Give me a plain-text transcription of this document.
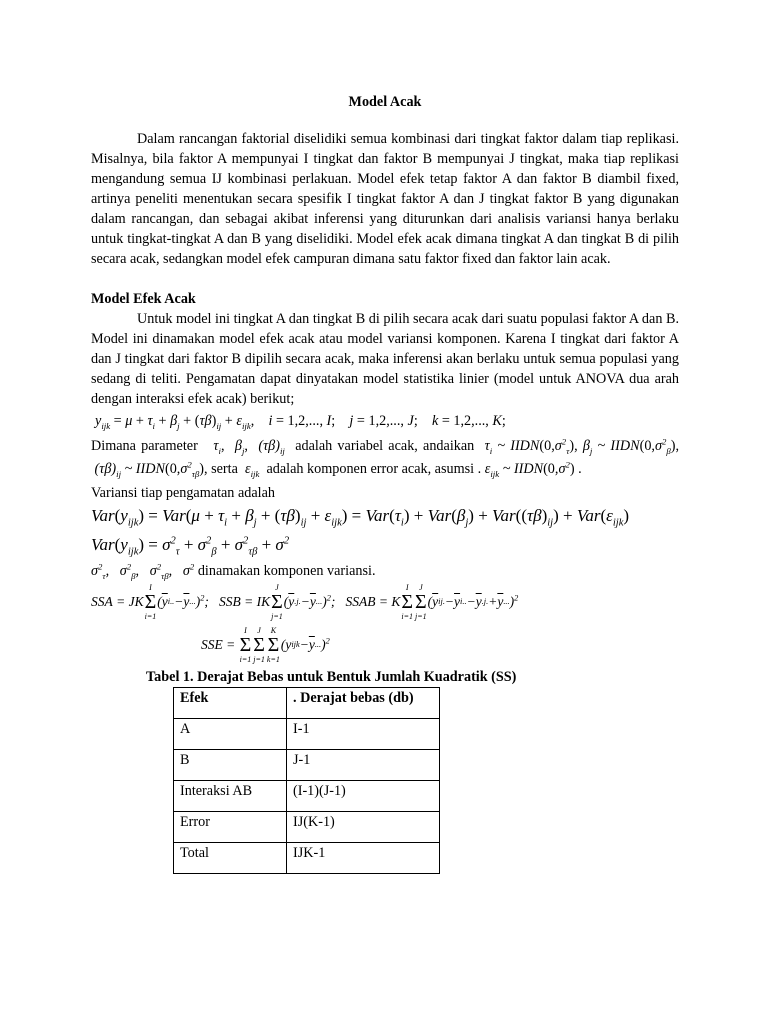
Model Acak

Dalam rancangan faktorial diselidiki semua kombinasi dari tingkat faktor dalam tiap replikasi. Misalnya, bila faktor A mempunyai I tingkat dan faktor B mempunyai J tingkat, maka tiap replikasi mengandung semua IJ kombinasi perlakuan. Model efek tetap faktor A dan faktor B diambil fixed, artinya peneliti menentukan secara spesifik I tingkat faktor A dan J tingkat faktor B yang digunakan dalam rancangan, dan sebagai akibat inferensi yang diturunkan dari analisis variansi hanya berlaku untuk tingkat-tingkat A dan B yang diselidiki. Model efek acak dimana tingkat A dan tingkat B di pilih secara acak, sedangkan model efek campuran dimana satu faktor fixed dan faktor lain acak.

Model Efek Acak

Untuk model ini tingkat A dan tingkat B di pilih secara acak dari suatu populasi faktor A dan B. Model ini dinamakan model efek acak atau model variansi komponen. Karena I tingkat dari faktor A dan J tingkat dari faktor B dipilih secara acak, maka inferensi akan berlaku untuk semua populasi yang sedang di teliti. Pengamatan dapat dinyatakan model statistika linier (model untuk ANOVA dua arah dengan interaksi efek acak) berikut;

$y_{ijk} = \mu + \tau_i + \beta_j + (\tau\beta)_{ij} + \varepsilon_{ijk}$,    i = 1,2,..., I;    j = 1,2,..., J;    k = 1,2,..., K;

Dimana parameter $\tau_i$,  $\beta_j$,  $(\tau\beta)_{ij}$ adalah variabel acak, andaikan $\tau_i$ ~ $IIDN(0,\sigma^2_\tau)$, $\beta_j$ ~ $IIDN(0,\sigma^2_\beta)$,  $(\tau\beta)_{ij}$ ~ $IIDN(0,\sigma^2_{\tau\beta})$, serta $\varepsilon_{ijk}$ adalah komponen error acak, asumsi . $\varepsilon_{ijk}$ ~ $IIDN(0,\sigma^2)$ .

Variansi tiap pengamatan adalah
$Var(y_{ijk}) = Var(\mu + \tau_i + \beta_j + (\tau\beta)_{ij} + \varepsilon_{ijk}) = Var(\tau_i) + Var(\beta_j) + Var((\tau\beta)_{ij}) + Var(\varepsilon_{ijk})$
$Var(y_{ijk}) = \sigma^2_\tau + \sigma^2_\beta + \sigma^2_{\tau\beta} + \sigma^2$
$\sigma^2_\tau$,   $\sigma^2_\beta$,   $\sigma^2_{\tau\beta}$,   $\sigma^2$ dinamakan komponen variansi.
SSA = JK
I
Σ
i=1
( $\overline{y}$ i.. − $\overline{y}$ ... )$^2$; SSB = IK
J
Σ
j=1
( $\overline{y}$ .j. − $\overline{y}$ ... )$^2$; SSAB = K
I
Σ
i=1
J
Σ
j=1
( $\overline{y}$ ij. − $\overline{y}$ i.. − $\overline{y}$ .j. + $\overline{y}$ ... )$^2$
SSE =
I
Σ
i=1
J
Σ
j=1
K
Σ
k=1
( y ijk − $\overline{y}$ ... )$^2$
Tabel 1. Derajat Bebas untuk Bentuk Jumlah Kuadratik (SS)
Efek	. Derajat bebas (db)
A	I-1
B	J-1
Interaksi AB	(I-1)(J-1)
Error	IJ(K-1)
Total	IJK-1
